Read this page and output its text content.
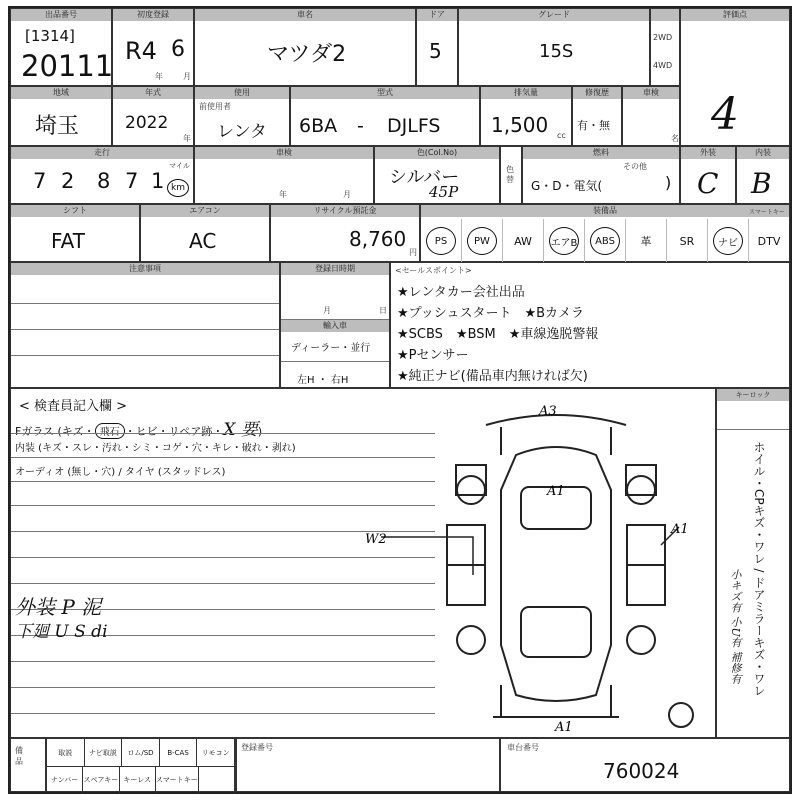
出品番号
[1314]
20111
初度登録
R4 6
年	月
車名
マツダ2
ドア
5
グレード
15S
2WD
4WD
評価点
4
地域
埼玉
年式
2022
年
使用
前使用者
レンタ
型式
6BA - DJLFS
排気量
1,500 cc
修復歴
有・無
車検
名
走行
7 2 8 7 1
マイル
km
車検
年	月
色(Col.No)
シルバー
45P
色替
燃料
その他
G・D・電気(	)
外装
C
内装
B
シフト
FAT
エアコン
AC
リサイクル預託金
8,760
円
装備品	スマートキー
PS	PW	AW エアB	ABS	革	SR	ナビ	DTV
注意事項	登録日時期
月	日
輸入車
ディーラー・並行
左H ・ 右H
<セールスポイント>
★レンタカー会社出品
★プッシュスタート　★Bカメラ
★SCBS　★BSM　★車線逸脱警報
★Pセンサー
★純正ナビ(備品車内無ければ欠)
< 検査員記入欄 >
Fガラス (キズ・ 飛石 ・ヒビ・リペア跡・X 要)
内装 (キズ・スレ・汚れ・シミ・コゲ・穴・キレ・破れ・剥れ)
オーディオ (無し・穴) / タイヤ (スタッドレス)
外装 P 泥
下廻 U S di
A3
A1
W2
A1
A1
キーロック
ホイル・CPキズ・ワレ / ドアミラーキズ・ワレ
小キズ有 小U有 補修有
備品
取説	ナビ取説	ロム/SD	B-CAS	リモコン
ナンバー スペアキー キーレス スマートキー
登録番号	車台番号
760024
